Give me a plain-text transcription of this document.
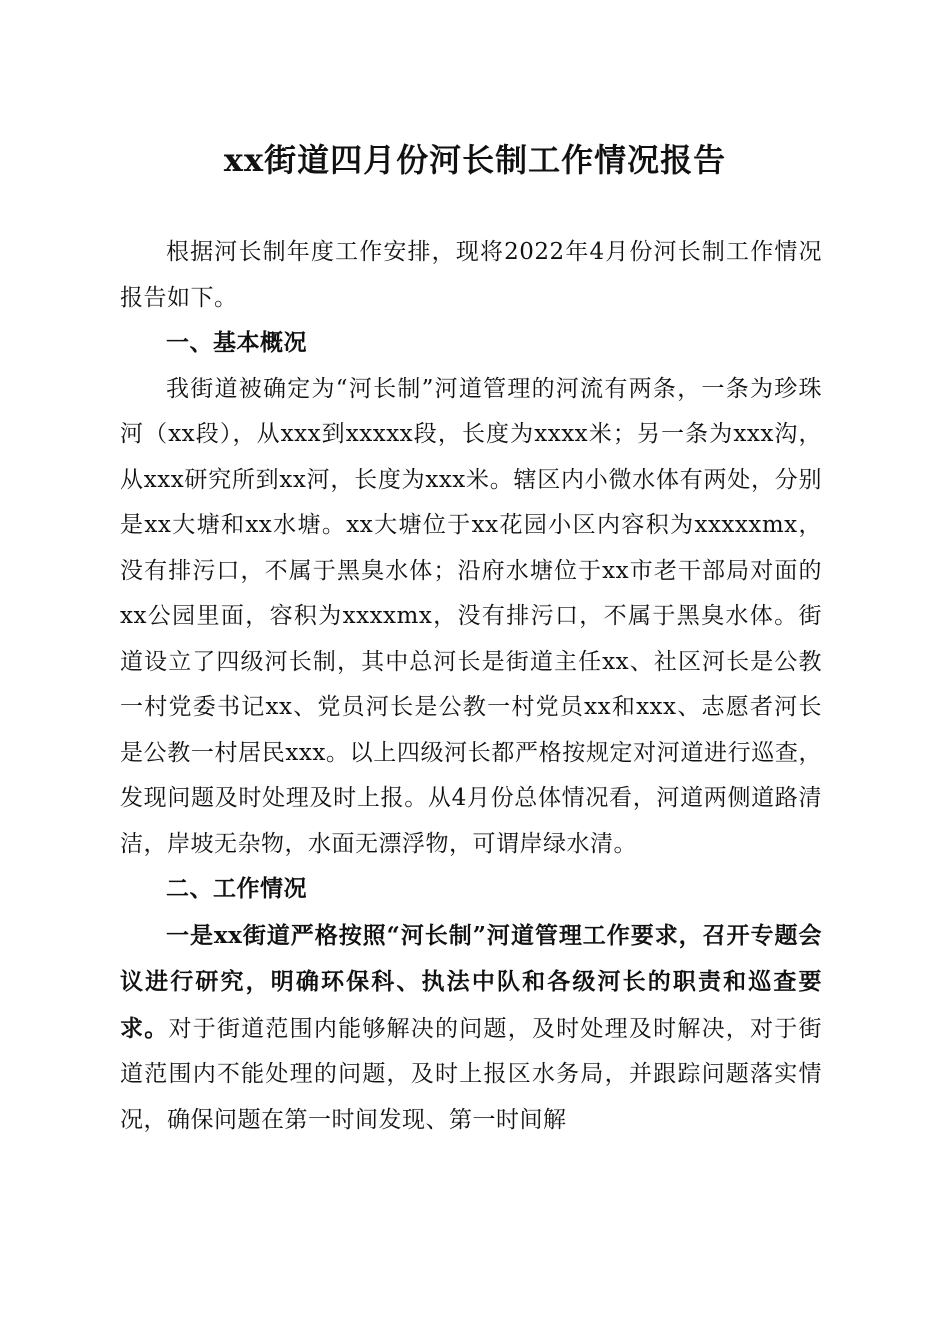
xx街道四月份河长制工作情况报告

根据河长制年度工作安排，现将2022年4月份河长制工作情况报告如下。

一、基本概况

我街道被确定为“河长制”河道管理的河流有两条，一条为珍珠河（xx段），从xxx到xxxxx段，长度为xxxx米；另一条为xxx沟，从xxx研究所到xx河，长度为xxx米。辖区内小微水体有两处，分别是xx大塘和xx水塘。xx大塘位于xx花园小区内容积为xxxxxmx，没有排污口，不属于黑臭水体；沿府水塘位于xx市老干部局对面的xx公园里面，容积为xxxxmx，没有排污口，不属于黑臭水体。街道设立了四级河长制，其中总河长是街道主任xx、社区河长是公教一村党委书记xx、党员河长是公教一村党员xx和xxx、志愿者河长是公教一村居民xxx。以上四级河长都严格按规定对河道进行巡查，发现问题及时处理及时上报。从4月份总体情况看，河道两侧道路清洁，岸坡无杂物，水面无漂浮物，可谓岸绿水清。

二、工作情况

一是xx街道严格按照“河长制”河道管理工作要求，召开专题会议进行研究，明确环保科、执法中队和各级河长的职责和巡查要求。对于街道范围内能够解决的问题，及时处理及时解决，对于街道范围内不能处理的问题，及时上报区水务局，并跟踪问题落实情况，确保问题在第一时间发现、第一时间解
